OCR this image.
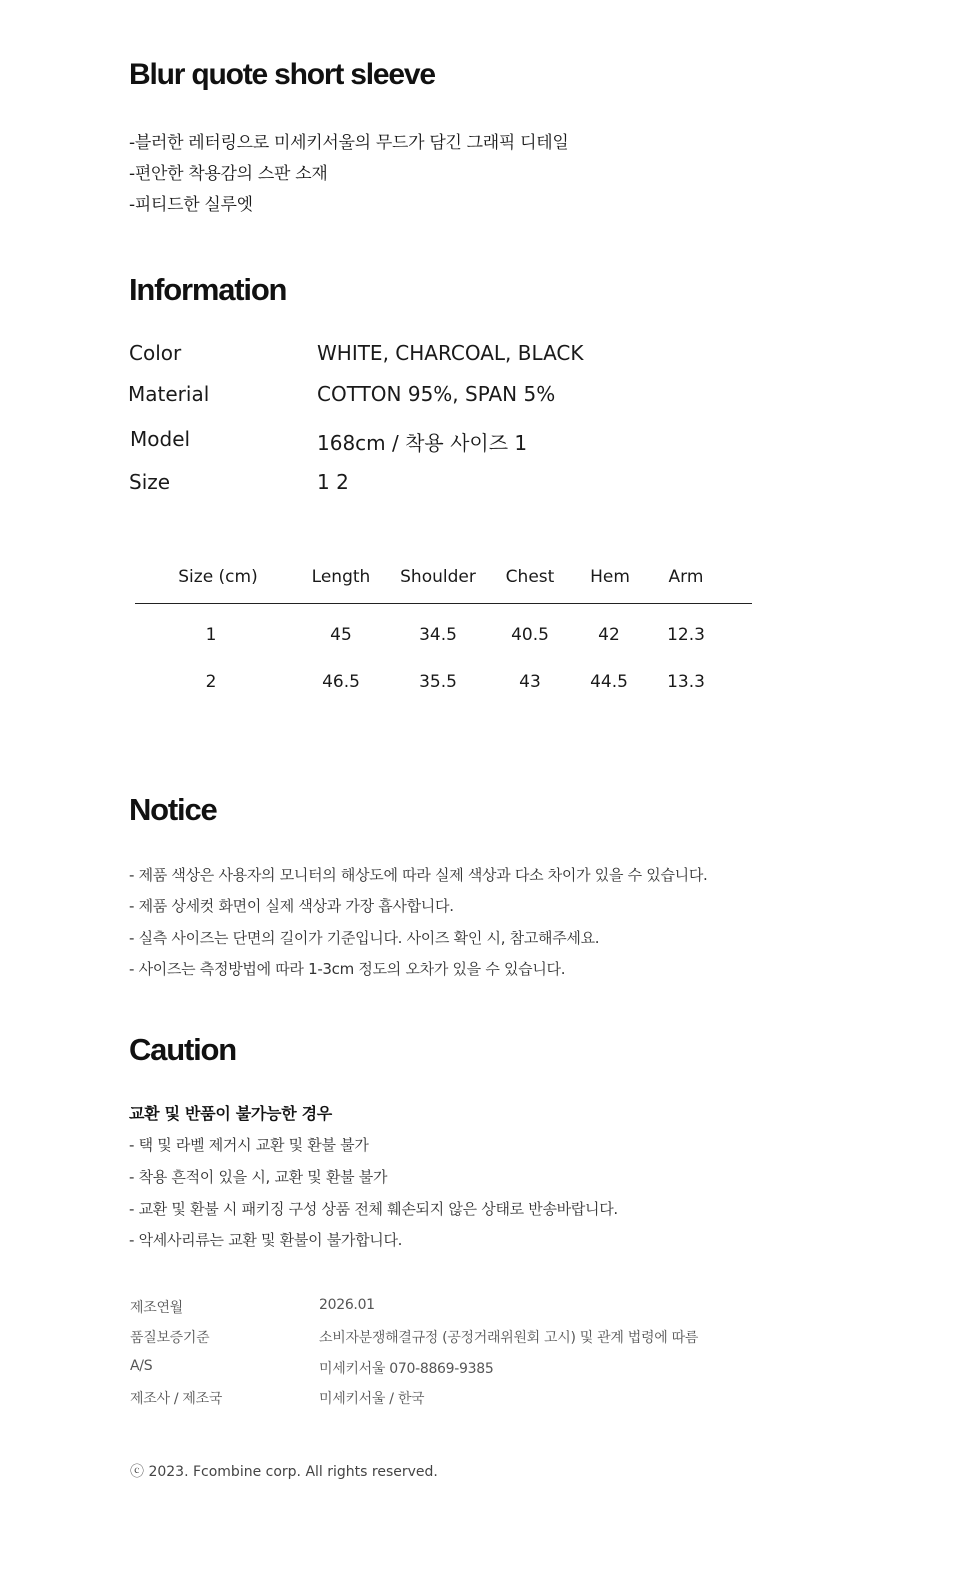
Blur quote short sleeve
-블러한 레터링으로 미세키서울의 무드가 담긴 그래픽 디테일
-편안한 착용감의 스판 소재
-피티드한 실루엣
Information
Color	WHITE, CHARCOAL, BLACK
Material	COTTON 95%, SPAN 5%
Model	168cm / 착용 사이즈 1
Size	1 2
Size (cm)	Length	Shoulder	Chest	Hem	Arm
1	45	34.5	40.5	42	12.3
2	46.5	35.5	43	44.5	13.3
Notice
- 제품 색상은 사용자의 모니터의 해상도에 따라 실제 색상과 다소 차이가 있을 수 있습니다.
- 제품 상세컷 화면이 실제 색상과 가장 흡사합니다.
- 실측 사이즈는 단면의 길이가 기준입니다. 사이즈 확인 시, 참고해주세요.
- 사이즈는 측정방법에 따라 1-3cm 정도의 오차가 있을 수 있습니다.
Caution
교환 및 반품이 불가능한 경우
- 택 및 라벨 제거시 교환 및 환불 불가
- 착용 흔적이 있을 시, 교환 및 환불 불가
- 교환 및 환불 시 패키징 구성 상품 전체 훼손되지 않은 상태로 반송바랍니다.
- 악세사리류는 교환 및 환불이 불가합니다.
제조연월	2026.01
품질보증기준	소비자분쟁해결규정 (공정거래위원회 고시) 및 관계 법령에 따름
A/S	미세키서울 070-8869-9385
제조사 / 제조국	미세키서울 / 한국
ⓒ 2023. Fcombine corp. All rights reserved.
